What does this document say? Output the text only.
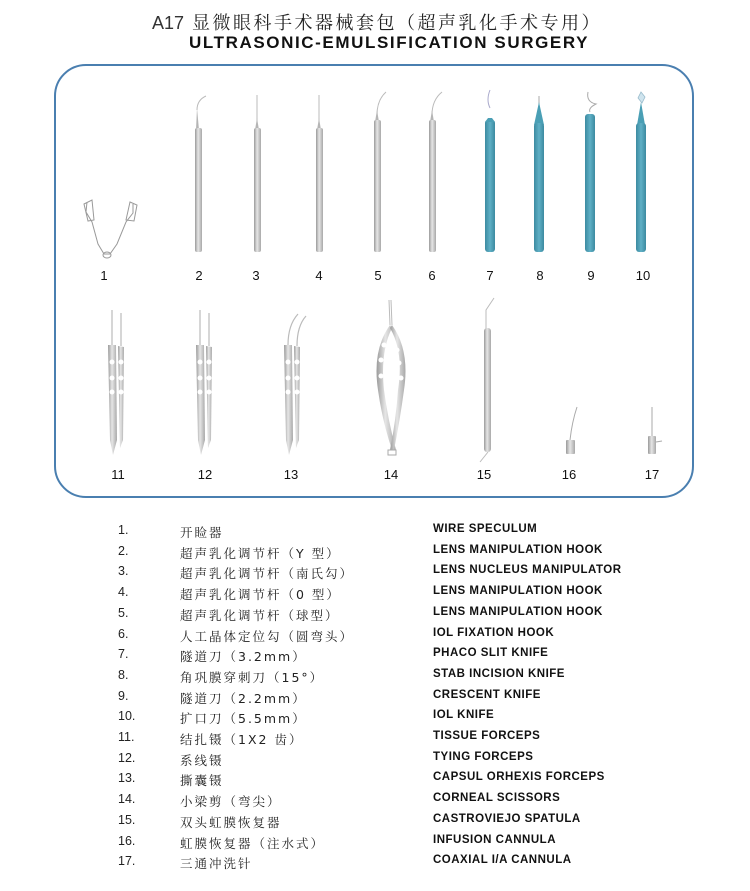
A17 显微眼科手术器械套包（超声乳化手术专用）
ULTRASONIC-EMULSIFICATION SURGERY
1	2	3	4	5	6	7	8	9	10
11	12	13	14	15	16	17
1.	开睑器	WIRE SPECULUM
2.	超声乳化调节杆（Y 型）	LENS MANIPULATION HOOK
3.	超声乳化调节杆（南氏勾）	LENS NUCLEUS MANIPULATOR
4.	超声乳化调节杆（0 型）	LENS MANIPULATION HOOK
5.	超声乳化调节杆（球型）	LENS MANIPULATION HOOK
6.	人工晶体定位勾（圆弯头）	IOL FIXATION HOOK
7.	隧道刀（3.2mm）	PHACO SLIT KNIFE
8.	角巩膜穿刺刀（15°）	STAB INCISION KNIFE
9.	隧道刀（2.2mm）	CRESCENT KNIFE
10.	扩口刀（5.5mm）	IOL KNIFE
11.	结扎镊（1X2 齿）	TISSUE FORCEPS
12.	系线镊	TYING FORCEPS
13.	撕囊镊	CAPSUL ORHEXIS FORCEPS
14.	小梁剪（弯尖）	CORNEAL SCISSORS
15.	双头虹膜恢复器	CASTROVIEJO SPATULA
16.	虹膜恢复器（注水式）	INFUSION CANNULA
17.	三通冲洗针	COAXIAL I/A CANNULA
